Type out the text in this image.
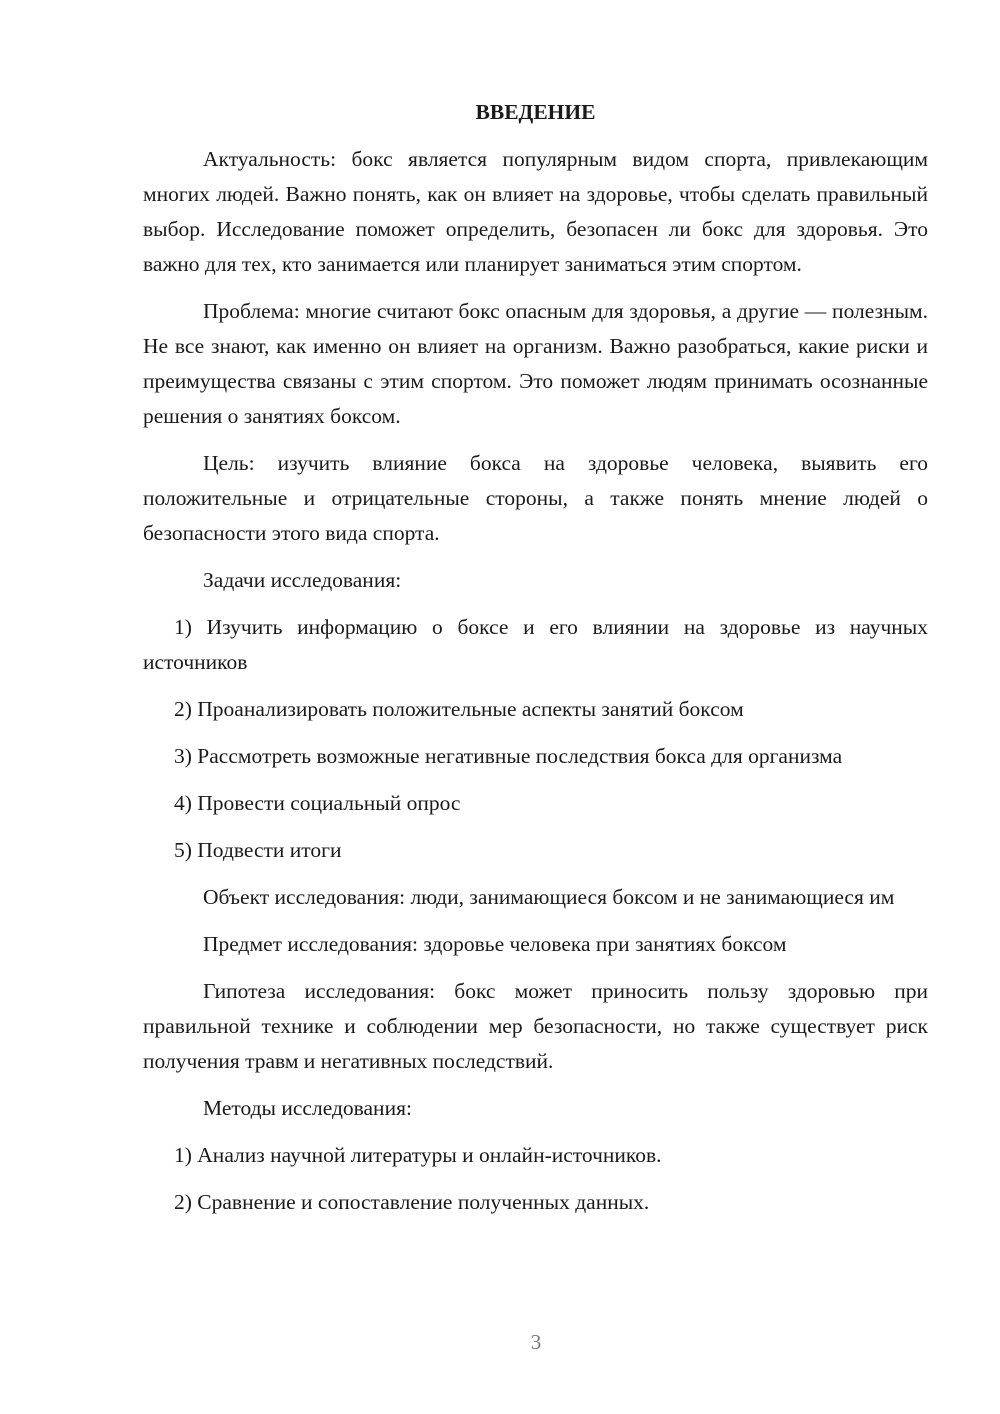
ВВЕДЕНИЕ

Актуальность: бокс является популярным видом спорта, привлекающим многих людей. Важно понять, как он влияет на здоровье, чтобы сделать правильный выбор. Исследование поможет определить, безопасен ли бокс для здоровья. Это важно для тех, кто занимается или планирует заниматься этим спортом.

Проблема: многие считают бокс опасным для здоровья, а другие — полезным. Не все знают, как именно он влияет на организм. Важно разобраться, какие риски и преимущества связаны с этим спортом. Это поможет людям принимать осознанные решения о занятиях боксом.

Цель: изучить влияние бокса на здоровье человека, выявить его положительные и отрицательные стороны, а также понять мнение людей о безопасности этого вида спорта.

Задачи исследования:

1) Изучить информацию о боксе и его влиянии на здоровье из научных источников

2) Проанализировать положительные аспекты занятий боксом

3) Рассмотреть возможные негативные последствия бокса для организма

4) Провести социальный опрос

5) Подвести итоги

Объект исследования: люди, занимающиеся боксом и не занимающиеся им

Предмет исследования: здоровье человека при занятиях боксом

Гипотеза исследования: бокс может приносить пользу здоровью при правильной технике и соблюдении мер безопасности, но также существует риск получения травм и негативных последствий.

Методы исследования:

1) Анализ научной литературы и онлайн-источников.

2) Сравнение и сопоставление полученных данных.

3
